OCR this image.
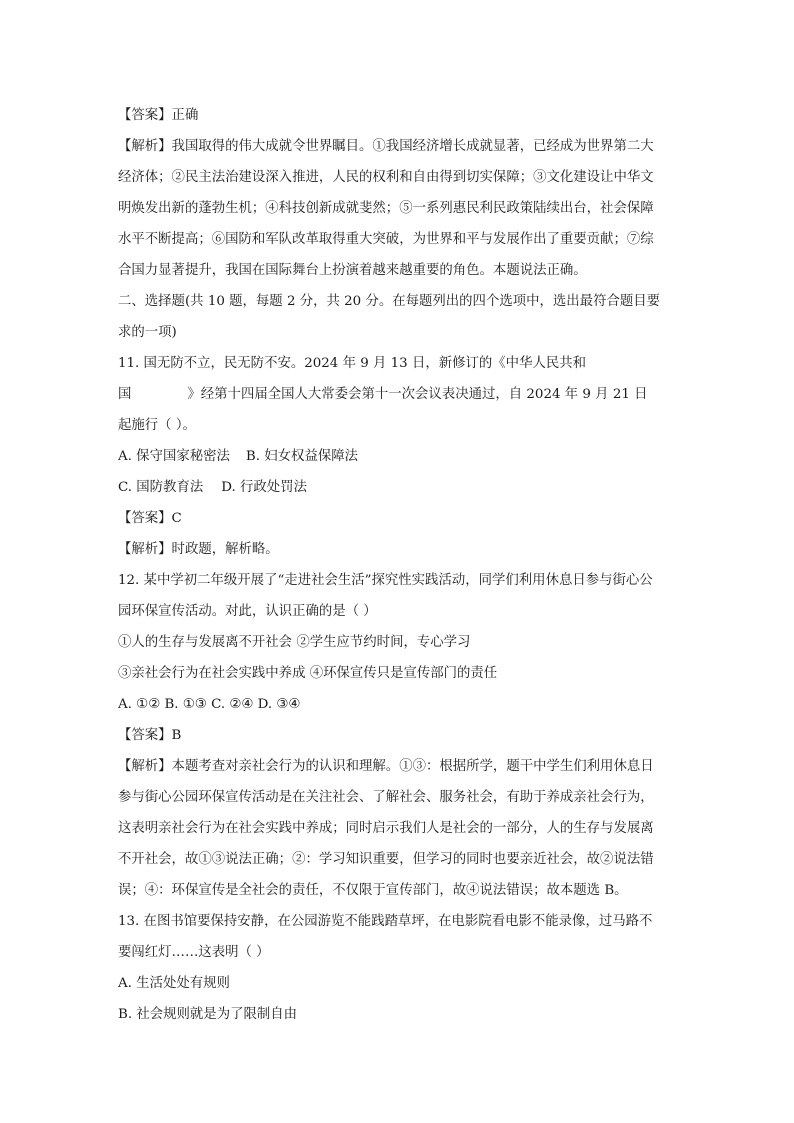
【答案】正确
【解析】我国取得的伟大成就令世界瞩目。①我国经济增长成就显著，已经成为世界第二大
经济体；②民主法治建设深入推进，人民的权利和自由得到切实保障；③文化建设让中华文
明焕发出新的蓬勃生机；④科技创新成就斐然；⑤一系列惠民利民政策陆续出台，社会保障
水平不断提高；⑥国防和军队改革取得重大突破，为世界和平与发展作出了重要贡献；⑦综
合国力显著提升，我国在国际舞台上扮演着越来越重要的角色。本题说法正确。
二、选择题(共 10 题，每题 2 分，共 20 分。在每题列出的四个选项中，选出最符合题目要
求的一项)
11. 国无防不立，民无防不安。2024 年 9 月 13 日，新修订的《中华人民共和
国	》经第十四届全国人大常委会第十一次会议表决通过，自 2024 年 9 月 21 日
起施行（ ）。
A. 保守国家秘密法 B. 妇女权益保障法
C. 国防教育法 D. 行政处罚法
【答案】C
【解析】时政题，解析略。
12. 某中学初二年级开展了“走进社会生活”探究性实践活动，同学们利用休息日参与街心公
园环保宣传活动。对此，认识正确的是（ ）
①人的生存与发展离不开社会 ②学生应节约时间，专心学习
③亲社会行为在社会实践中养成 ④环保宣传只是宣传部门的责任
A. ①② B. ①③ C. ②④ D. ③④
【答案】B
【解析】本题考查对亲社会行为的认识和理解。①③：根据所学，题干中学生们利用休息日
参与街心公园环保宣传活动是在关注社会、了解社会、服务社会，有助于养成亲社会行为，
这表明亲社会行为在社会实践中养成；同时启示我们人是社会的一部分，人的生存与发展离
不开社会，故①③说法正确；②：学习知识重要，但学习的同时也要亲近社会，故②说法错
误；④：环保宣传是全社会的责任，不仅限于宣传部门，故④说法错误；故本题选 B。
13. 在图书馆要保持安静，在公园游览不能践踏草坪，在电影院看电影不能录像，过马路不
要闯红灯……这表明（ ）
A. 生活处处有规则
B. 社会规则就是为了限制自由
